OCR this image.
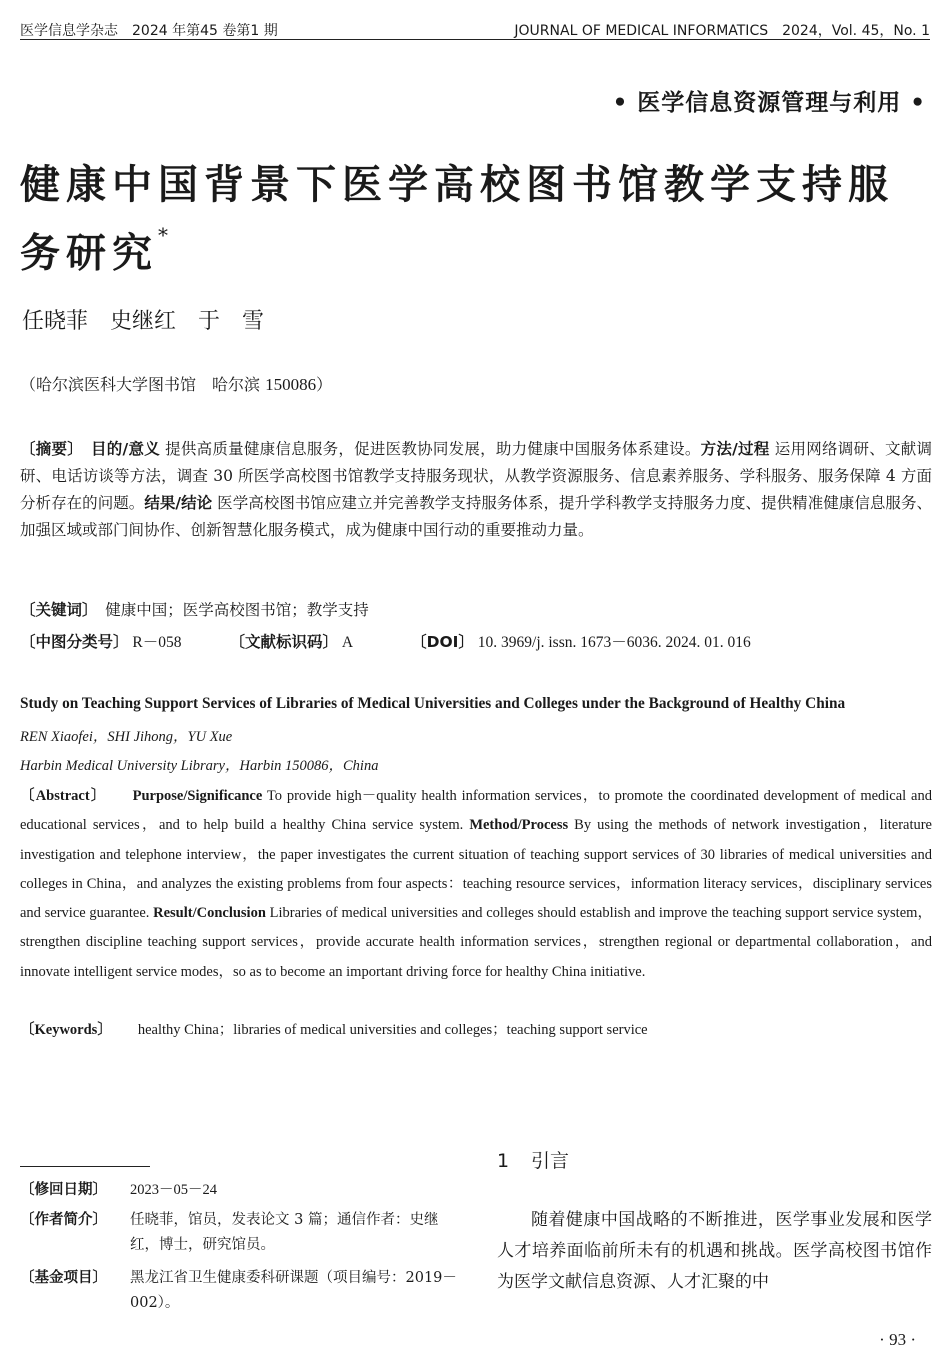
医学信息学杂志　2024 年第45 卷第1 期	JOURNAL OF MEDICAL INFORMATICS　2024，Vol. 45，No. 1
• 医学信息资源管理与利用 •
健康中国背景下医学高校图书馆教学支持服务研究*
任晓菲　史继红　于　雪
（哈尔滨医科大学图书馆　哈尔滨 150086）
〔摘要〕　 目的/意义 提供高质量健康信息服务，促进医教协同发展，助力健康中国服务体系建设。方法/过程 运用网络调研、文献调研、电话访谈等方法，调查 30 所医学高校图书馆教学支持服务现状，从教学资源服务、信息素养服务、学科服务、服务保障 4 方面分析存在的问题。结果/结论 医学高校图书馆应建立并完善教学支持服务体系，提升学科教学支持服务力度、提供精准健康信息服务、加强区域或部门间协作、创新智慧化服务模式，成为健康中国行动的重要推动力量。
〔关键词〕　健康中国；医学高校图书馆；教学支持
〔中图分类号〕 R－058	〔文献标识码〕 A	〔DOI〕 10. 3969/j. issn. 1673－6036. 2024. 01. 016
Study on Teaching Support Services of Libraries of Medical Universities and Colleges under the Background of Healthy China
REN Xiaofei，SHI Jihong，YU Xue
Harbin Medical University Library，Harbin 150086，China
〔Abstract〕 Purpose/Significance To provide high－quality health information services，to promote the coordinated development of medical and educational services，and to help build a healthy China service system. Method/Process By using the methods of network investigation，literature investigation and telephone interview，the paper investigates the current situation of teaching support services of 30 libraries of medical universities and colleges in China，and analyzes the existing problems from four aspects：teaching resource services，information literacy services，disciplinary services and service guarantee. Result/Conclusion Libraries of medical universities and colleges should establish and improve the teaching support service system，strengthen discipline teaching support services，provide accurate health information services，strengthen regional or departmental collaboration，and innovate intelligent service modes，so as to become an important driving force for healthy China initiative.
〔Keywords〕 healthy China；libraries of medical universities and colleges；teaching support service
〔修回日期〕 2023－05－24
〔作者简介〕 任晓菲，馆员，发表论文 3 篇；通信作者：史继红，博士，研究馆员。
〔基金项目〕 黑龙江省卫生健康委科研课题（项目编号：2019－002）。
1 引言
随着健康中国战略的不断推进，医学事业发展和医学人才培养面临前所未有的机遇和挑战。医学高校图书馆作为医学文献信息资源、人才汇聚的中
· 93 ·
